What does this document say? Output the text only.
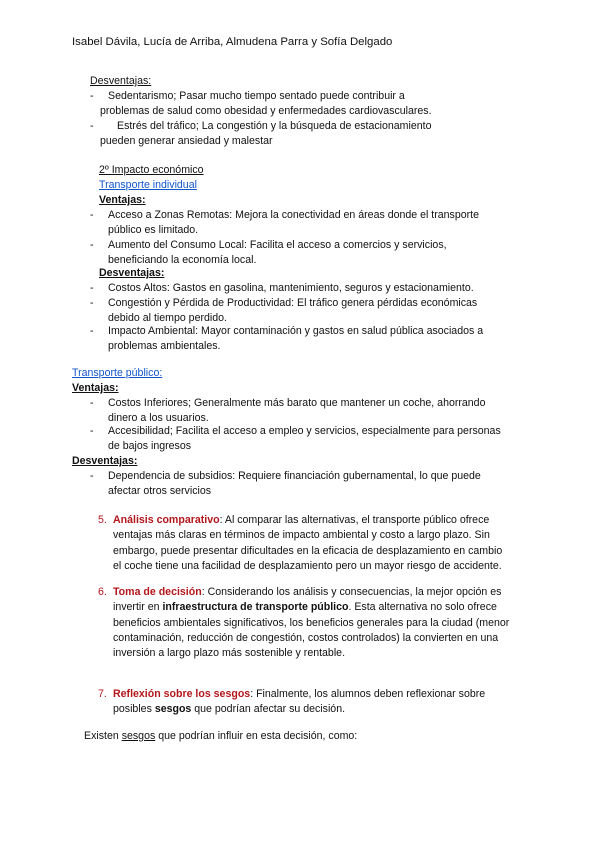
Isabel Dávila, Lucía de Arriba, Almudena Parra y Sofía Delgado
Desventajas:
- Sedentarismo; Pasar mucho tiempo sentado puede contribuir a
problemas de salud como obesidad y enfermedades cardiovasculares.
- Estrés del tráfico; La congestión y la búsqueda de estacionamiento
pueden generar ansiedad y malestar
2º Impacto económico
Transporte individual
Ventajas:
- Acceso a Zonas Remotas: Mejora la conectividad en áreas donde el transporte
público es limitado.
- Aumento del Consumo Local: Facilita el acceso a comercios y servicios,
beneficiando la economía local.
Desventajas:
- Costos Altos: Gastos en gasolina, mantenimiento, seguros y estacionamiento.
- Congestión y Pérdida de Productividad: El tráfico genera pérdidas económicas
debido al tiempo perdido.
- Impacto Ambiental: Mayor contaminación y gastos en salud pública asociados a
problemas ambientales.
Transporte público:
Ventajas:
- Costos Inferiores; Generalmente más barato que mantener un coche, ahorrando
dinero a los usuarios.
- Accesibilidad; Facilita el acceso a empleo y servicios, especialmente para personas
de bajos ingresos
Desventajas:
- Dependencia de subsidios: Requiere financiación gubernamental, lo que puede
afectar otros servicios
5. Análisis comparativo: Al comparar las alternativas, el transporte público ofrece
ventajas más claras en términos de impacto ambiental y costo a largo plazo. Sin
embargo, puede presentar dificultades en la eficacia de desplazamiento en cambio
el coche tiene una facilidad de desplazamiento pero un mayor riesgo de accidente.
6. Toma de decisión: Considerando los análisis y consecuencias, la mejor opción es
invertir en infraestructura de transporte público. Esta alternativa no solo ofrece
beneficios ambientales significativos, los beneficios generales para la ciudad (menor
contaminación, reducción de congestión, costos controlados) la convierten en una
inversión a largo plazo más sostenible y rentable.
7. Reflexión sobre los sesgos: Finalmente, los alumnos deben reflexionar sobre
posibles sesgos que podrían afectar su decisión.
Existen sesgos que podrían influir en esta decisión, como:
